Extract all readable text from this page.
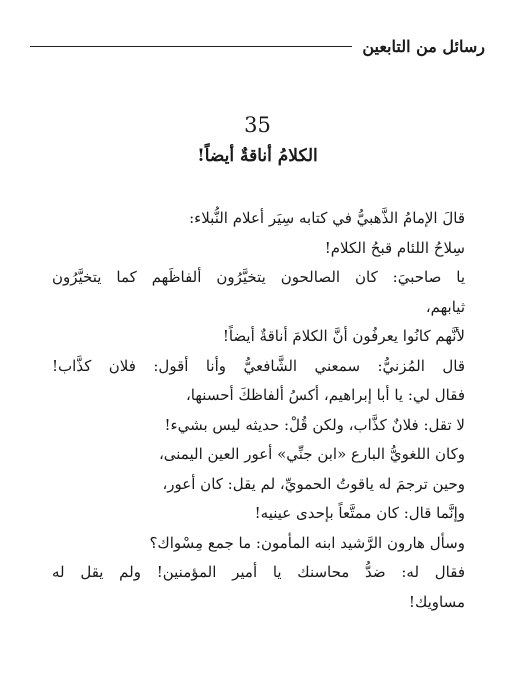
رسائل من التابعين
35
الكلامُ أناقةٌ أيضاً!
قالَ الإمامُ الذَّهبيُّ في كتابه سِيَر أعلام النُّبلاء:
سِلاحُ اللئام قبحُ الكلام!
يا صاحبيَ: كان الصالحون يتخيَّرُون ألفاظَهم كما يتخيَّرُون
ثيابهم،
لأنَّهم كانُوا يعرفُون أنَّ الكلامَ أناقةٌ أيضاً!
قال المُزنيُّ: سمعني الشَّافعيُّ وأنا أقول: فلان كذَّاب!
فقال لي: يا أبا إبراهيم، أكسُ ألفاظكَ أحسنها،
لا تقل: فلانٌ كذَّاب، ولكن قُلْ: حديثه ليس بشيء!
وكان اللغويُّ البارع «ابن جنِّي» أعور العين اليمنى،
وحين ترجمَ له ياقوتُ الحمويِّ، لم يقل: كان أعور،
وإنَّما قال: كان ممتَّعاً بإحدى عينيه!
وسأل هارون الرَّشيد ابنه المأمون: ما جمع مِسْواك؟
فقال له: ضدُّ محاسنك يا أمير المؤمنين! ولم يقل له
مساويك!
